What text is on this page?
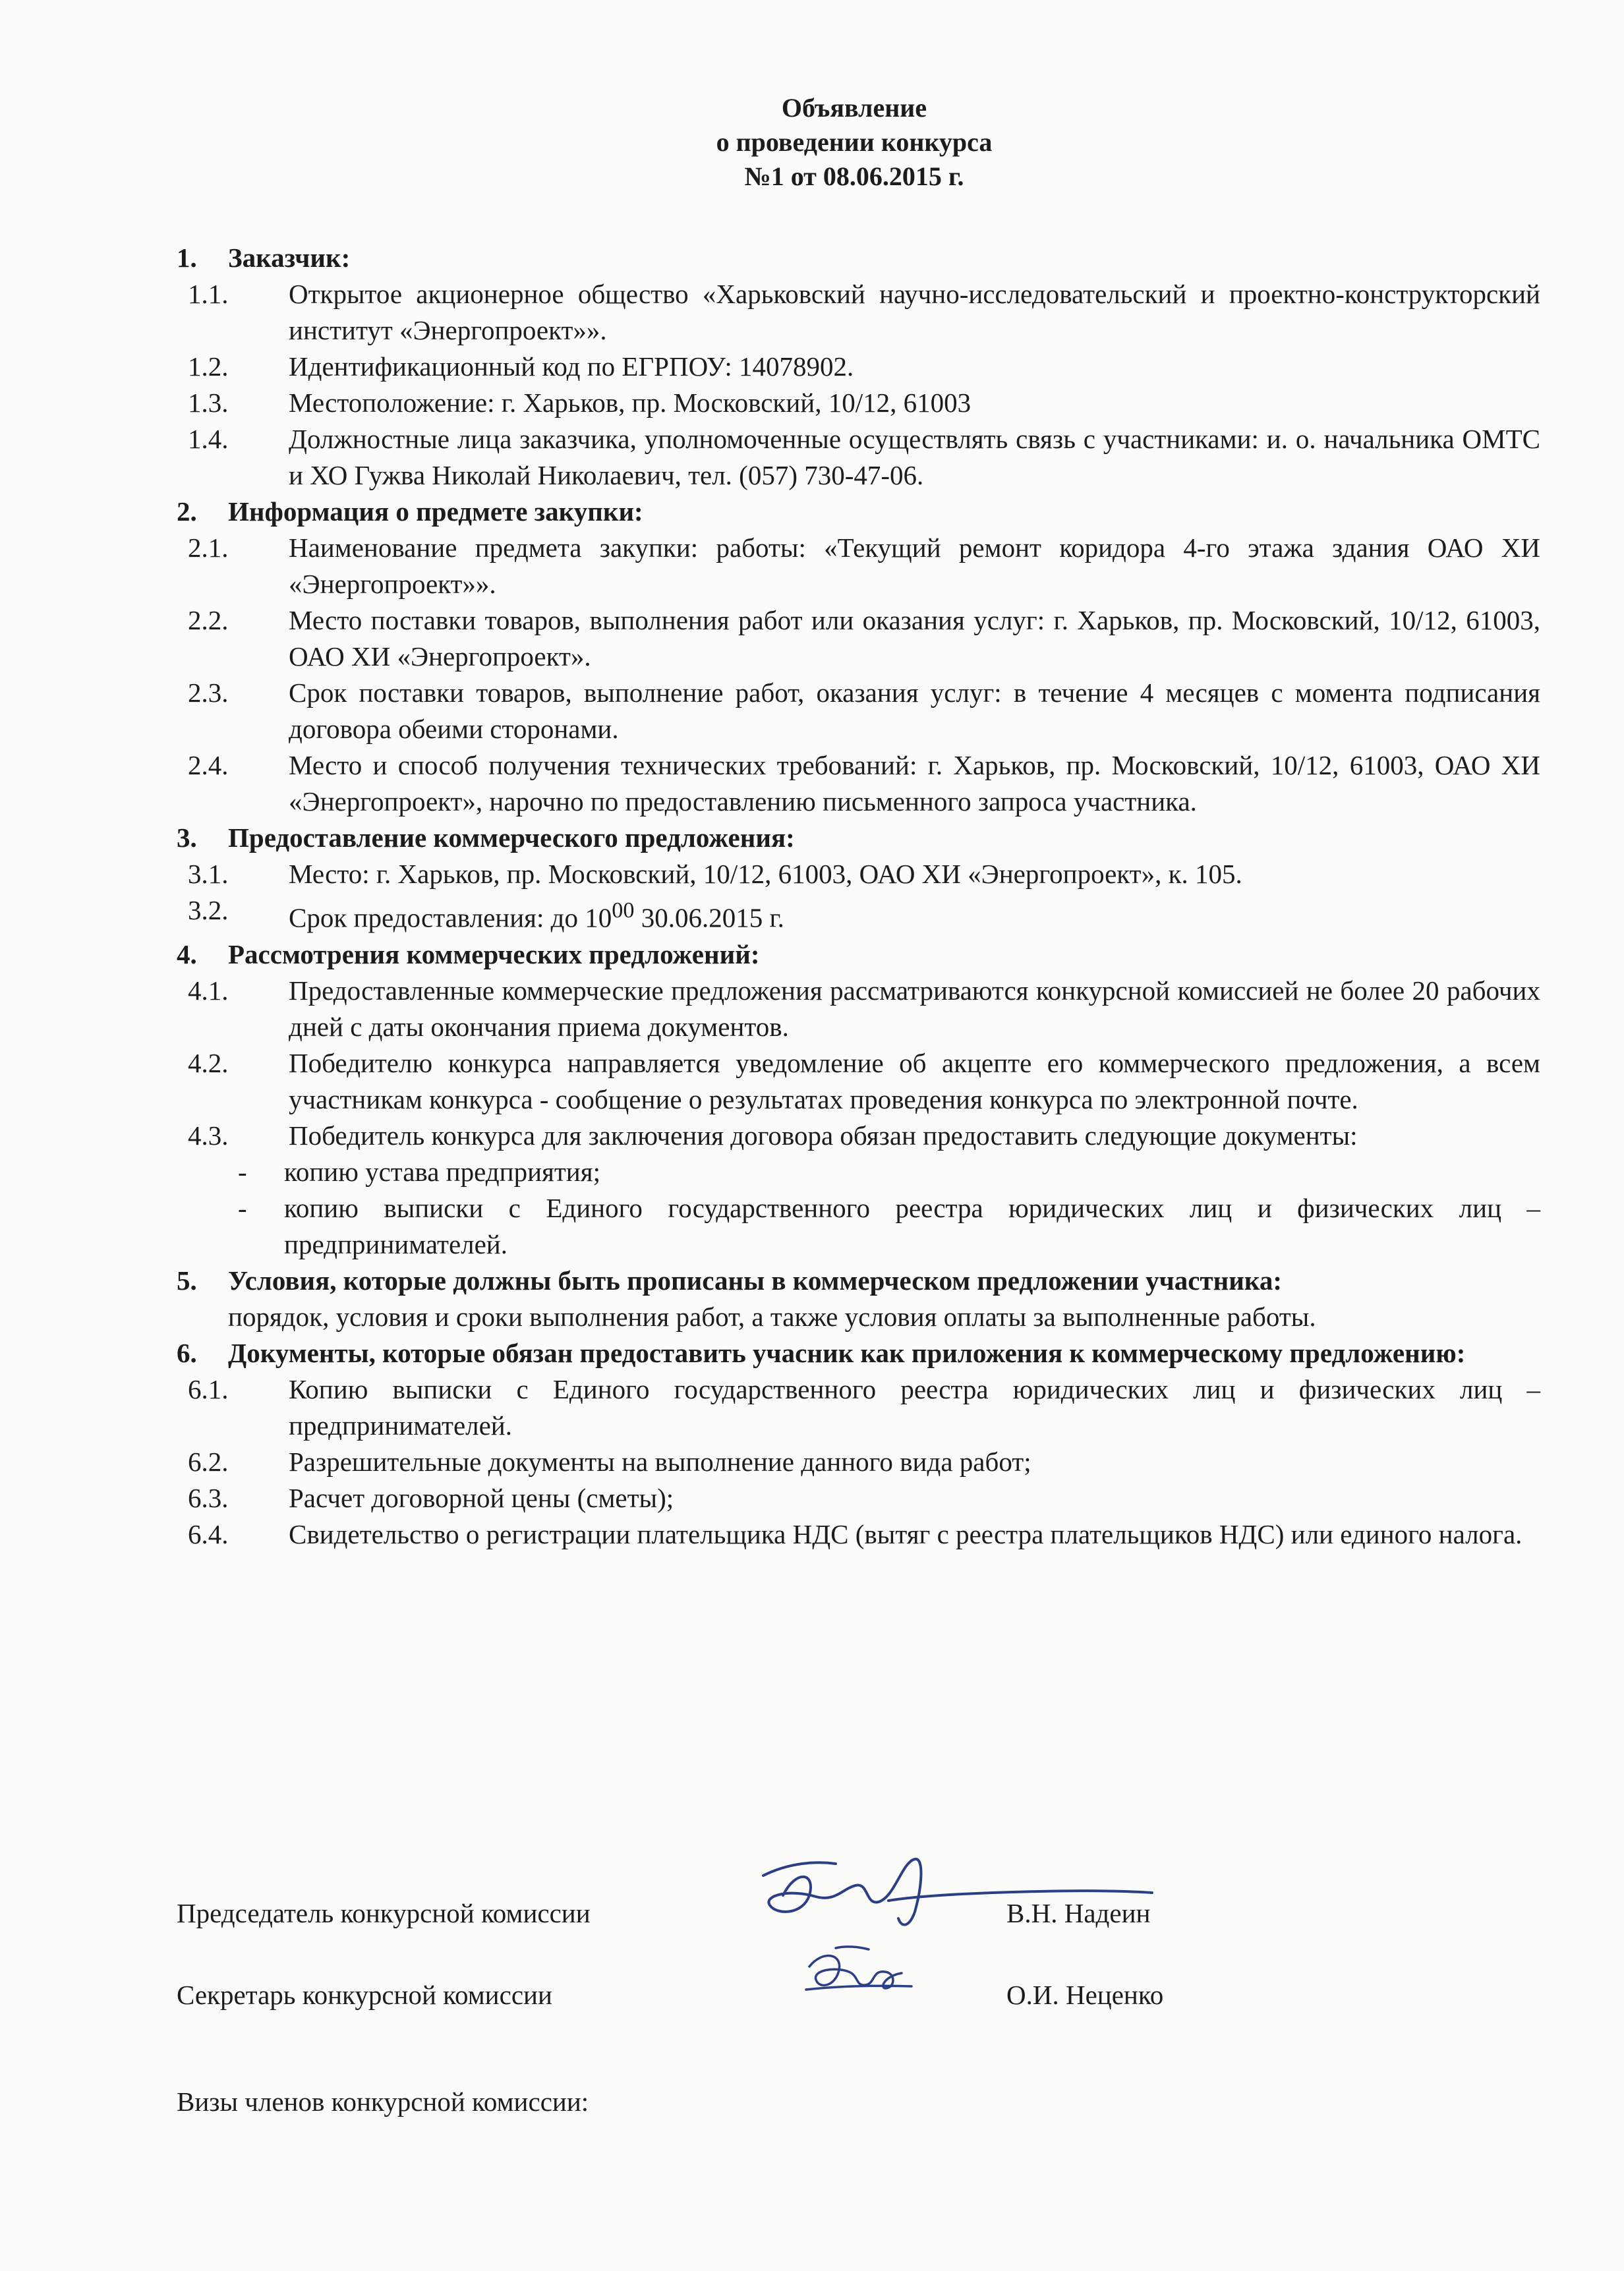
Объявление
о проведении конкурса
№1 от 08.06.2015 г.
1. Заказчик:
1.1. Открытое акционерное общество «Харьковский научно-исследовательский и проектно-конструкторский институт «Энергопроект»».
1.2. Идентификационный код по ЕГРПОУ: 14078902.
1.3. Местоположение: г. Харьков, пр. Московский, 10/12, 61003
1.4. Должностные лица заказчика, уполномоченные осуществлять связь с участниками: и. о. начальника ОМТС и ХО Гужва Николай Николаевич, тел. (057) 730-47-06.
2. Информация о предмете закупки:
2.1. Наименование предмета закупки: работы: «Текущий ремонт коридора 4-го этажа здания ОАО ХИ «Энергопроект»».
2.2. Место поставки товаров, выполнения работ или оказания услуг: г. Харьков, пр. Московский, 10/12, 61003, ОАО ХИ «Энергопроект».
2.3. Срок поставки товаров, выполнение работ, оказания услуг: в течение 4 месяцев с момента подписания договора обеими сторонами.
2.4. Место и способ получения технических требований: г. Харьков, пр. Московский, 10/12, 61003, ОАО ХИ «Энергопроект», нарочно по предоставлению письменного запроса участника.
3. Предоставление коммерческого предложения:
3.1. Место: г. Харьков, пр. Московский, 10/12, 61003, ОАО ХИ «Энергопроект», к. 105.
3.2. Срок предоставления: до $10^{00}$ 30.06.2015 г.
4. Рассмотрения коммерческих предложений:
4.1. Предоставленные коммерческие предложения рассматриваются конкурсной комиссией не более 20 рабочих дней с даты окончания приема документов.
4.2. Победителю конкурса направляется уведомление об акцепте его коммерческого предложения, а всем участникам конкурса - сообщение о результатах проведения конкурса по электронной почте.
4.3. Победитель конкурса для заключения договора обязан предоставить следующие документы:
- копию устава предприятия;
- копию выписки с Единого государственного реестра юридических лиц и физических лиц – предпринимателей.
5. Условия, которые должны быть прописаны в коммерческом предложении участника:
порядок, условия и сроки выполнения работ, а также условия оплаты за выполненные работы.
6. Документы, которые обязан предоставить учасник как приложения к коммерческому предложению:
6.1. Копию выписки с Единого государственного реестра юридических лиц и физических лиц – предпринимателей.
6.2. Разрешительные документы на выполнение данного вида работ;
6.3. Расчет договорной цены (сметы);
6.4. Свидетельство о регистрации плательщика НДС (вытяг с реестра плательщиков НДС) или единого налога.
Председатель конкурсной комиссии	В.Н. Надеин
Секретарь конкурсной комиссии	О.И. Неценко
Визы членов конкурсной комиссии:
